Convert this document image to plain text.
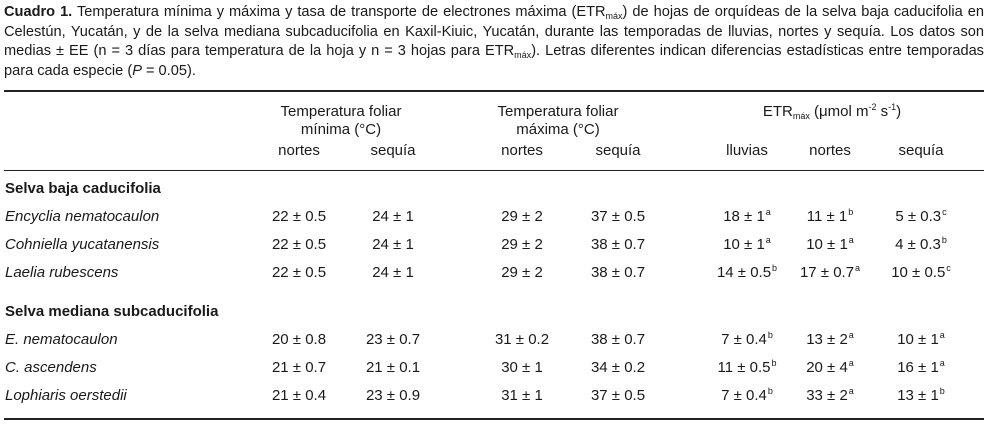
Cuadro 1. Temperatura mínima y máxima y tasa de transporte de electrones máxima $(ETR_{máx})$ de hojas de orquídeas de la selva baja caducifolia en Celestún, Yucatán, y de la selva mediana subcaducifolia en Kaxil-Kiuic, Yucatán, durante las temporadas de lluvias, nortes y sequía. Los datos son medias ± EE (n = 3 días para temperatura de la hoja y n = 3 hojas para $ETR_{máx}$). Letras diferentes indican diferencias estadísticas entre temporadas para cada especie (P = 0.05).
Temperatura foliar
mínima (°C)
Temperatura foliar
máxima (°C)
$ETR_{máx}$ (μmol $m^{-2}$ $s^{-1}$)
nortes	sequía	nortes	sequía	lluvias	nortes	sequía
Selva baja caducifolia
Encyclia nematocaulon	22 ± 0.5	24 ± 1	29 ± 2	37 ± 0.5	$18 \pm 1^a$ $11 \pm 1^b$	5 ± 0.3$^c$
Cohniella yucatanensis	22 ± 0.5	24 ± 1	29 ± 2	38 ± 0.7	$10 \pm 1^a$ $10 \pm 1^a$	4 ± 0.3$^b$
Laelia rubescens	22 ± 0.5	24 ± 1	29 ± 2	38 ± 0.7	14 ± 0.5$^b$ 17 ± 0.7$^a$ 10 ± 0.5$^c$
Selva mediana subcaducifolia
E. nematocaulon	20 ± 0.8	23 ± 0.7	31 ± 0.2	38 ± 0.7	7 ± 0.4$^b$ $13 \pm 2^a$	$10 \pm 1^a$
C. ascendens	21 ± 0.7	21 ± 0.1	30 ± 1	34 ± 0.2	11 ± 0.5$^b$ $20 \pm 4^a$	$16 \pm 1^a$
Lophiaris oerstedii	21 ± 0.4	23 ± 0.9	31 ± 1	37 ± 0.5	7 ± 0.4$^b$ $33 \pm 2^a$	$13 \pm 1^b$
